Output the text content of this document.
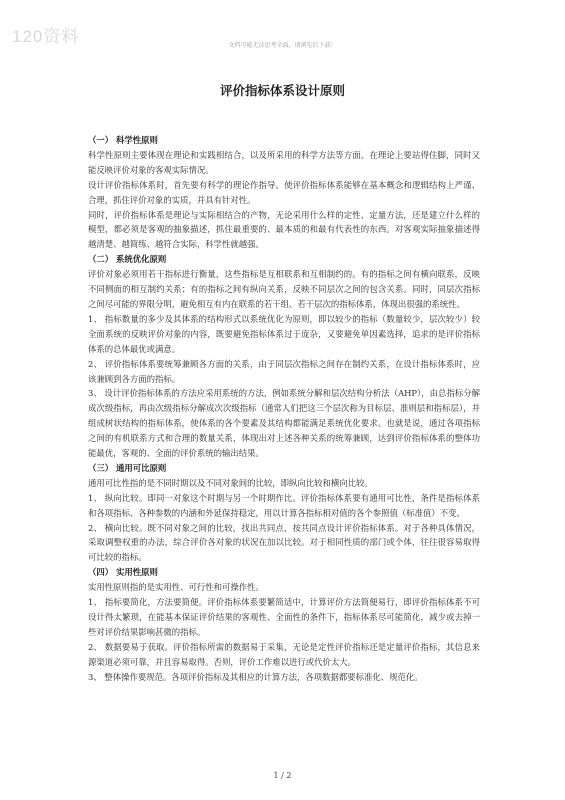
120资料	文档可能无法思考全面，请浏览后下载！
评价指标体系设计原则
（一） 科学性原则

科学性原则主要体现在理论和实践相结合，以及所采用的科学方法等方面。在理论上要站得住脚，同时又能反映评价对象的客观实际情况。

设计评价指标体系时，首先要有科学的理论作指导。使评价指标体系能够在基本概念和逻辑结构上严谨、合理，抓住评价对象的实质，并具有针对性。

同时，评价指标体系是理论与实际相结合的产物，无论采用什么样的定性、定量方法，还是建立什么样的模型，都必须是客观的抽象描述，抓住最重要的、最本质的和最有代表性的东西。对客观实际抽象描述得越清楚、越简练、越符合实际，科学性就越强。

（二） 系统优化原则

评价对象必须用若干指标进行衡量，这些指标是互相联系和互相制约的。有的指标之间有横向联系，反映不同侧面的相互制约关系；有的指标之间有纵向关系，反映不同层次之间的包含关系。同时，同层次指标之间尽可能的界限分明，避免相互有内在联系的若干组、若干层次的指标体系，体现出很强的系统性。

1、 指标数量的多少及其体系的结构形式以系统优化为原则，即以较少的指标（数量较少，层次较少）较全面系统的反映评价对象的内容，既要避免指标体系过于庞杂，又要避免单因素选择，追求的是评价指标体系的总体最优或满意。

2、 评价指标体系要统筹兼顾各方面的关系，由于同层次指标之间存在制约关系，在设计指标体系时，应该兼顾到各方面的指标。

3、 设计评价指标体系的方法应采用系统的方法，例如系统分解和层次结构分析法（AHP），由总指标分解成次级指标，再由次级指标分解成次次级指标（通常人们把这三个层次称为目标层、准则层和指标层），并组成树状结构的指标体系，使体系的各个要素及其结构都能满足系统优化要求。也就是说，通过各项指标之间的有机联系方式和合理的数量关系，体现出对上述各种关系的统筹兼顾，达到评价指标体系的整体功能最优，客观的、全面的评价系统的输出结果。

（三） 通用可比原则

通用可比性指的是不同时期以及不同对象间的比较，即纵向比较和横向比较。

1、 纵向比较。即同一对象这个时期与另一个时期作比。评价指标体系要有通用可比性，条件是指标体系和各项指标、各种参数的内涵和外延保持稳定，用以计算各指标相对值的各个参照值（标准值）不变。

2、 横向比较。既不同对象之间的比较，找出共同点，按共同点设计评价指标体系。对于各种具体情况，采取调整权重的办法，综合评价各对象的状况在加以比较。对于相同性质的部门或个体，往往很容易取得可比较的指标。

（四） 实用性原则

实用性原则指的是实用性、可行性和可操作性。

1、 指标要简化，方法要简便。评价指标体系要繁简适中，计算评价方法简便易行，即评价指标体系不可设计得太繁琐，在能基本保证评价结果的客观性、全面性的条件下，指标体系尽可能简化，减少或去掉一些对评价结果影响甚微的指标。

2、 数据要易于获取。评价指标所需的数据易于采集，无论是定性评价指标还是定量评价指标，其信息来源渠道必须可靠，并且容易取得。否则，评价工作难以进行或代价太大。

3、 整体操作要规范。各项评价指标及其相应的计算方法，各项数据都要标准化、规范化。

1 / 2
